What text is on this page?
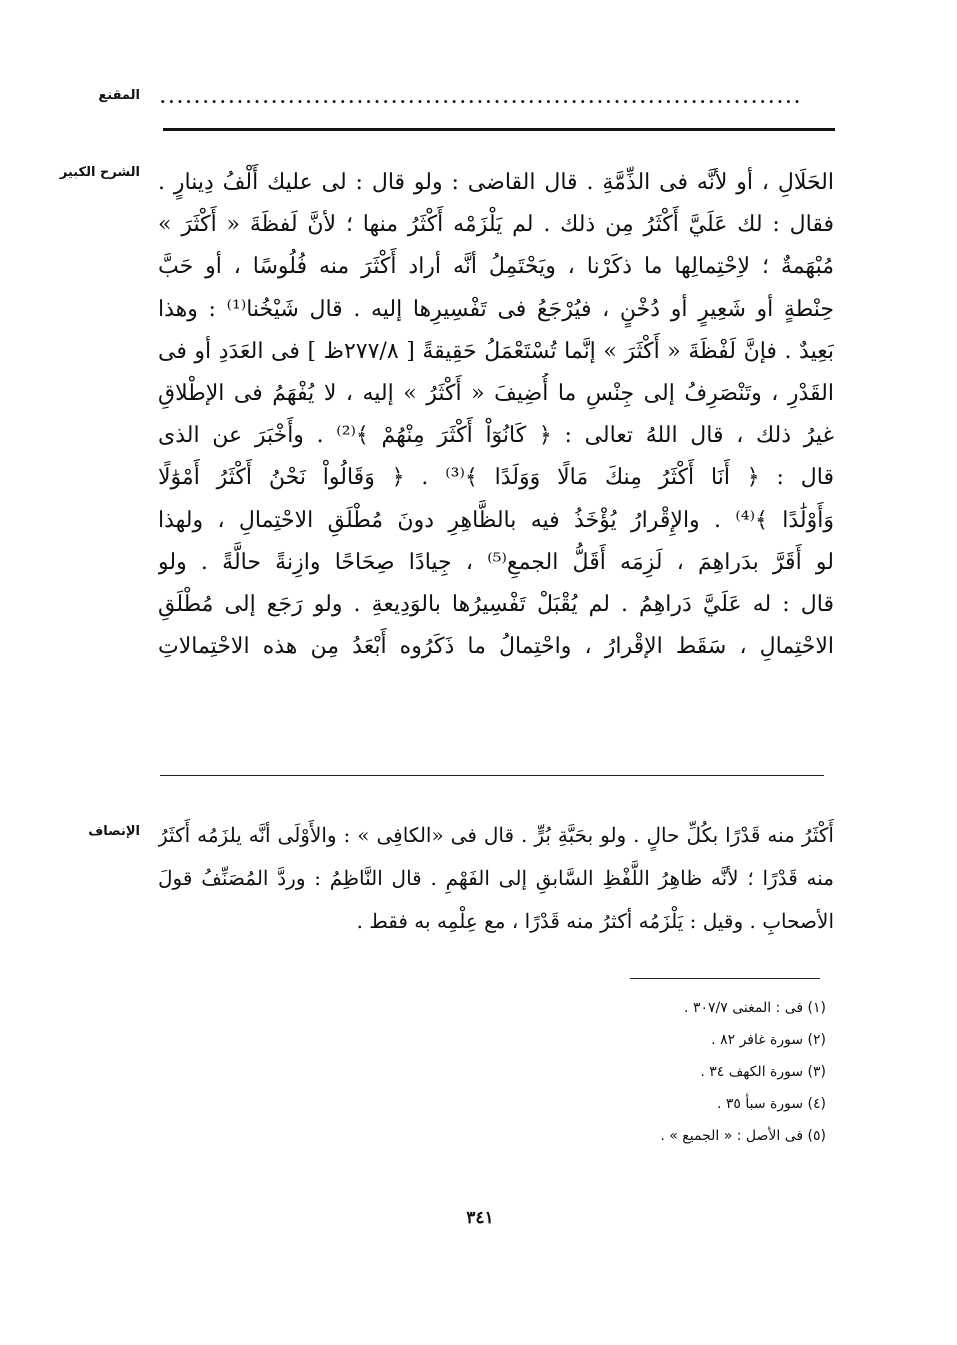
المقنع ...........................................................................
الشرح الكبير الحَلَالِ ، أو لأنَّه فى الذِّمَّةِ . قال القاضى : ولو قال : لى عليك أَلْفُ دِينارٍ .
فقال : لك عَلَيَّ أَكْثَرُ مِن ذلك . لم يَلْزَمْه أَكْثَرُ منها ؛ لأنَّ لَفظَةَ « أَكْثَرَ »
مُبْهَمةٌ ؛ لاِحْتِمالِها ما ذكَرْنا ، ويَحْتَمِلُ أنَّه أراد أَكْثَرَ منه فُلُوسًا ، أو حَبَّ
حِنْطةٍ أو شَعِيرٍ أو دُخْنٍ ، فيُرْجَعُ فى تَفْسِيرِها إليه . قال شَيْخُنا⁽¹⁾ : وهذا
بَعِيدٌ . فإنَّ لَفْظَةَ « أَكْثَرَ » إنَّما تُسْتَعْمَلُ حَقِيقةً [ ٢٧٧/٨ظ ] فى العَدَدِ أو فى
القَدْرِ ، وتَنْصَرِفُ إلى جِنْسِ ما أُضِيفَ « أَكْثَرُ » إليه ، لا يُفْهَمُ فى الإطْلاقِ
غيرُ ذلك ، قال اللهُ تعالى : ﴿ كَانُوٓاْ أَكْثَرَ مِنْهُمْ ﴾⁽²⁾ . وأَخْبَرَ عن الذى
قال : ﴿ أَنَا أَكْثَرُ مِنكَ مَالًا وَوَلَدًا ﴾⁽³⁾ . ﴿ وَقَالُواْ نَحْنُ أَكْثَرُ أَمْوَٰلًا
وَأَوْلَٰدًا ﴾⁽⁴⁾ . والإِقْرارُ يُؤْخَذُ فيه بالظَّاهِرِ دونَ مُطْلَقِ الاحْتِمالِ ، ولهذا
لو أَقَرَّ بدَراهِمَ ، لَزِمَه أَقَلُّ الجمعِ⁽⁵⁾ ، جِيادًا صِحَاحًا وازِنةً حالَّةً . ولو
قال : له عَلَيَّ دَراهِمُ . لم يُقْبَلْ تَفْسِيرُها بالوَدِيعةِ . ولو رَجَع إلى مُطْلَقِ
الاحْتِمالِ ، سَقَط الإقْرارُ ، واحْتِمالُ ما ذَكَرُوه أَبْعَدُ مِن هذه الاحْتِمالاتِ
الإنصاف أَكْثَرُ منه قَدْرًا بكُلِّ حالٍ . ولو بحَبَّةِ بُرٍّ . قال فى «الكافِى » : والأَوْلَى أنَّه يلزَمُه أَكثَرُ
منه قَدْرًا ؛ لأنَّه ظاهِرُ اللَّفْظِ السَّابقِ إلى الفَهْمِ . قال النَّاظِمُ : وردَّ المُصَنِّفُ قولَ
الأصحابِ . وقيل : يَلْزَمُه أكثرُ منه قَدْرًا ، مع عِلْمِه به فقط .
(١) فى : المغنى ٣٠٧/٧ .
(٢) سورة غافر ٨٢ .
(٣) سورة الكهف ٣٤ .
(٤) سورة سبأ ٣٥ .
(٥) فى الأصل : « الجميع » .
٣٤١
